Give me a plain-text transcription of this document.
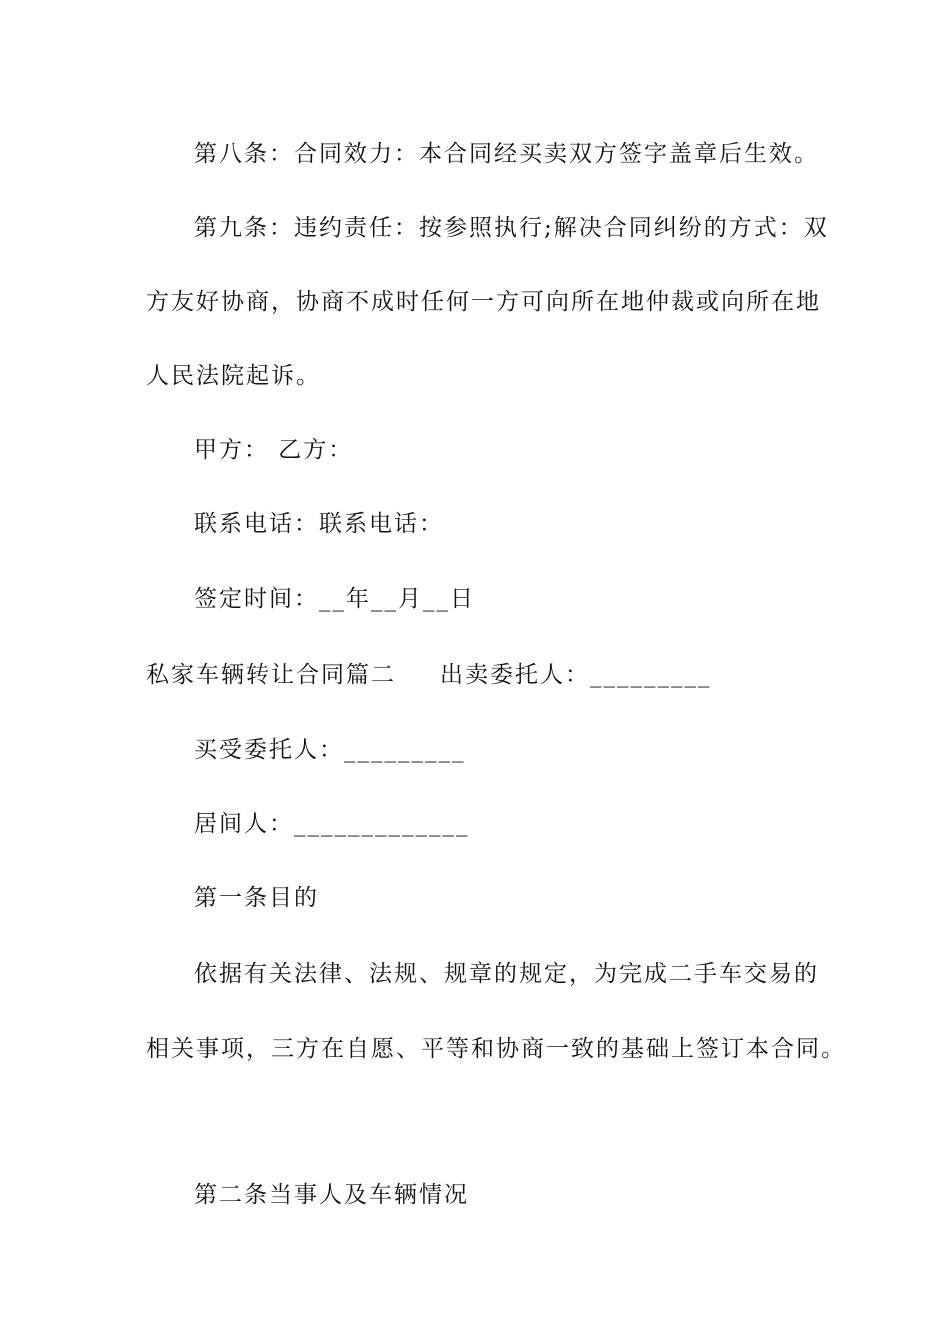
第八条：合同效力：本合同经买卖双方签字盖章后生效。
第九条：违约责任：按参照执行;解决合同纠纷的方式：双
方友好协商，协商不成时任何一方可向所在地仲裁或向所在地
人民法院起诉。
甲方： 乙方：
联系电话：联系电话：
签定时间：__年__月__日
私家车辆转让合同篇二 出卖委托人：_________
买受委托人：_________
居间人：_____________
第一条目的
依据有关法律、法规、规章的规定，为完成二手车交易的
相关事项，三方在自愿、平等和协商一致的基础上签订本合同。
第二条当事人及车辆情况
